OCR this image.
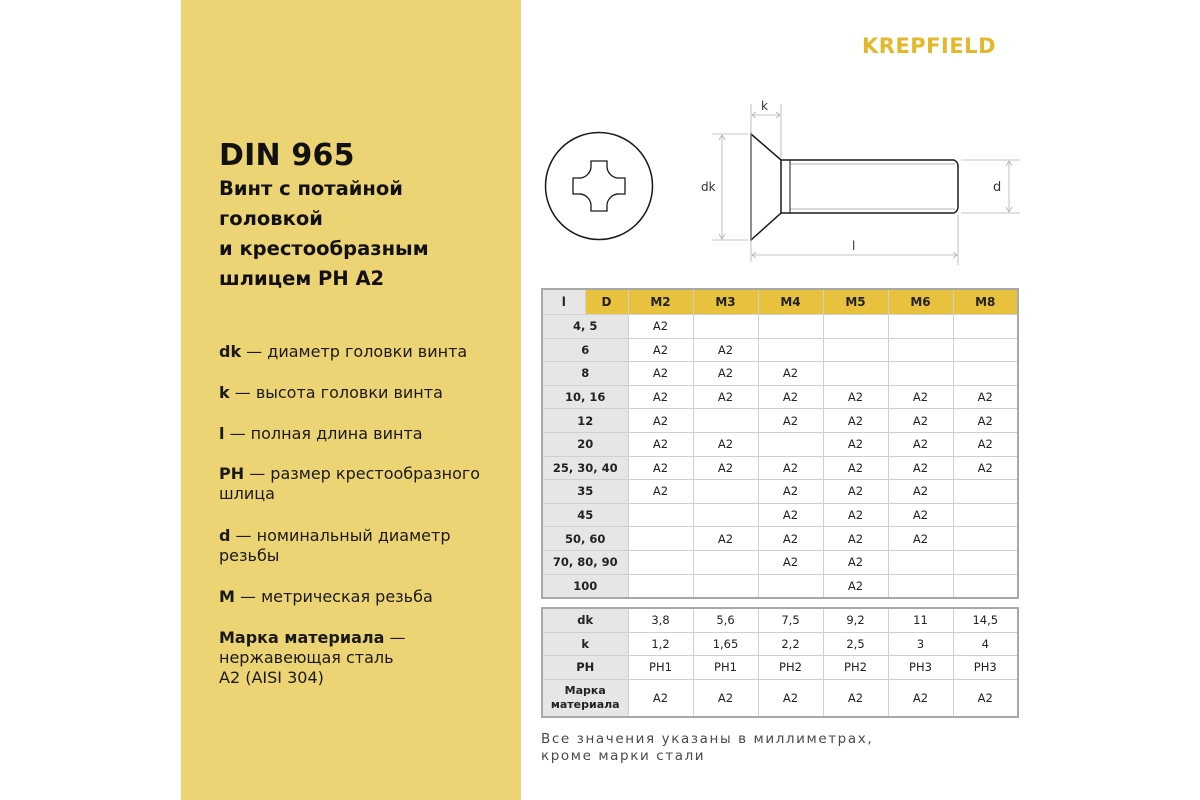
DIN 965
Винт с потайной
головкой
и крестообразным
шлицем PH A2
dk — диаметр головки винта
k — высота головки винта
l — полная длина винта
PH — размер крестообразного
шлица
d — номинальный диаметр
резьбы
M — метрическая резьба
Марка материала —
нержавеющая сталь
A2 (AISI 304)
KREPFIELD
k
dk	d
l
l	D	M2	M3	M4	M5	M6	M8
4, 5		A2					
6		A2	A2				
8		A2	A2	A2			
10, 16		A2	A2	A2	A2	A2	A2
12		A2		A2	A2	A2	A2
20		A2	A2		A2	A2	A2
25, 30, 40		A2	A2	A2	A2	A2	A2
35		A2		A2	A2	A2	
45				A2	A2	A2	
50, 60			A2	A2	A2	A2	
70, 80, 90				A2	A2		
100					A2		
dk	3,8	5,6	7,5	9,2	11	14,5
k	1,2	1,65	2,2	2,5	3	4
PH	PH1	PH1	PH2	PH2	PH3	PH3
Марка
материала	A2	A2	A2	A2	A2	A2
Все значения указаны в миллиметрах,
кроме марки стали
